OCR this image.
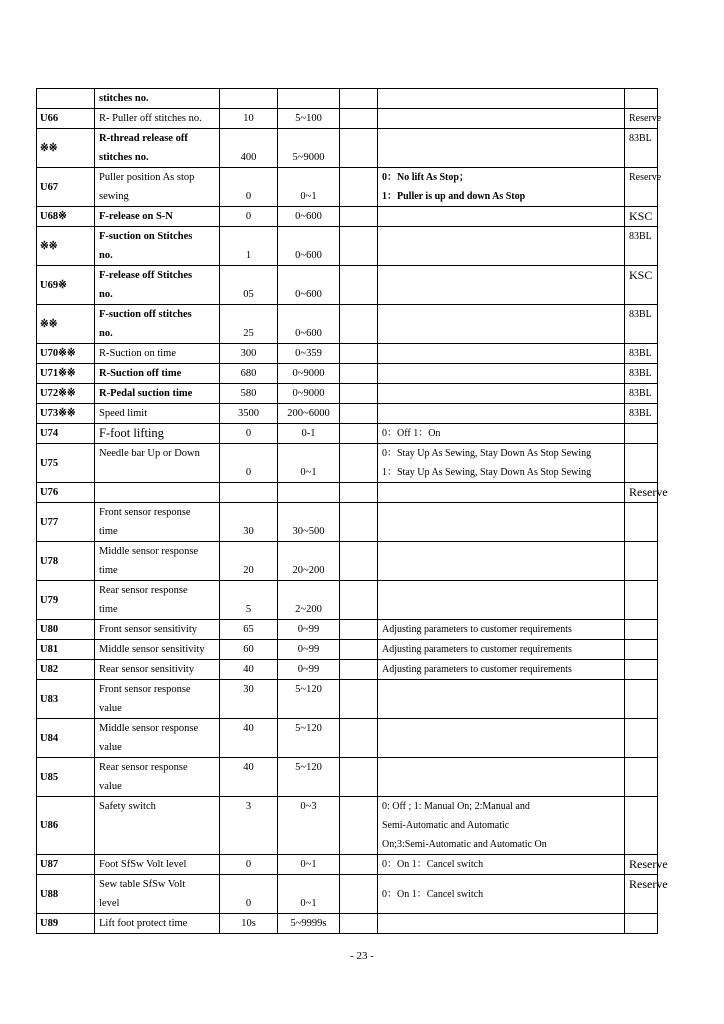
	stitches no.					

U66	R- Puller off stitches no.	10	5~100			Reserve

※※	R-thread release off
stitches no.	400	5~9000			83BL

U67	Puller position As stop
sewing	0	0~1		0：No lift As Stop；
1：Puller is up and down As Stop	Reserve

U68※	F-release on S-N	0	0~600			KSC

※※	F-suction on Stitches
no.	1	0~600			83BL

U69※	F-release off Stitches
no.	05	0~600			KSC

※※	F-suction off stitches
no.	25	0~600			83BL

U70※※	R-Suction on time	300	0~359			83BL

U71※※	R-Suction off time	680	0~9000			83BL

U72※※	R-Pedal suction time	580	0~9000			83BL

U73※※	Speed limit	3500	200~6000			83BL

U74	F-foot lifting	0	0-1		0：Off 1：On	

U75	Needle bar Up or Down	0	0~1		0：Stay Up As Sewing, Stay Down As Stop Sewing
1：Stay Up As Sewing, Stay Down As Stop Sewing	

U76						Reserve

U77	Front sensor response
time	30	30~500			

U78	Middle sensor response
time	20	20~200			

U79	Rear sensor response
time	5	2~200			

U80	Front sensor sensitivity	65	0~99		Adjusting parameters to customer requirements	

U81	Middle sensor sensitivity	60	0~99		Adjusting parameters to customer requirements	

U82	Rear sensor sensitivity	40	0~99		Adjusting parameters to customer requirements	

U83	Front sensor response
value	30	5~120			

U84	Middle sensor response
value	40	5~120			

U85	Rear sensor response
value	40	5~120			

U86	Safety switch	3	0~3		0: Off ; 1: Manual On; 2:Manual and
Semi-Automatic and Automatic
On;3:Semi-Automatic and Automatic On	

U87	Foot SfSw Volt level	0	0~1		0：On 1：Cancel switch	Reserve

U88	Sew table SfSw Volt
level	0	0~1		0：On 1：Cancel switch	Reserve

U89	Lift foot protect time	10s	5~9999s			

- 23 -
